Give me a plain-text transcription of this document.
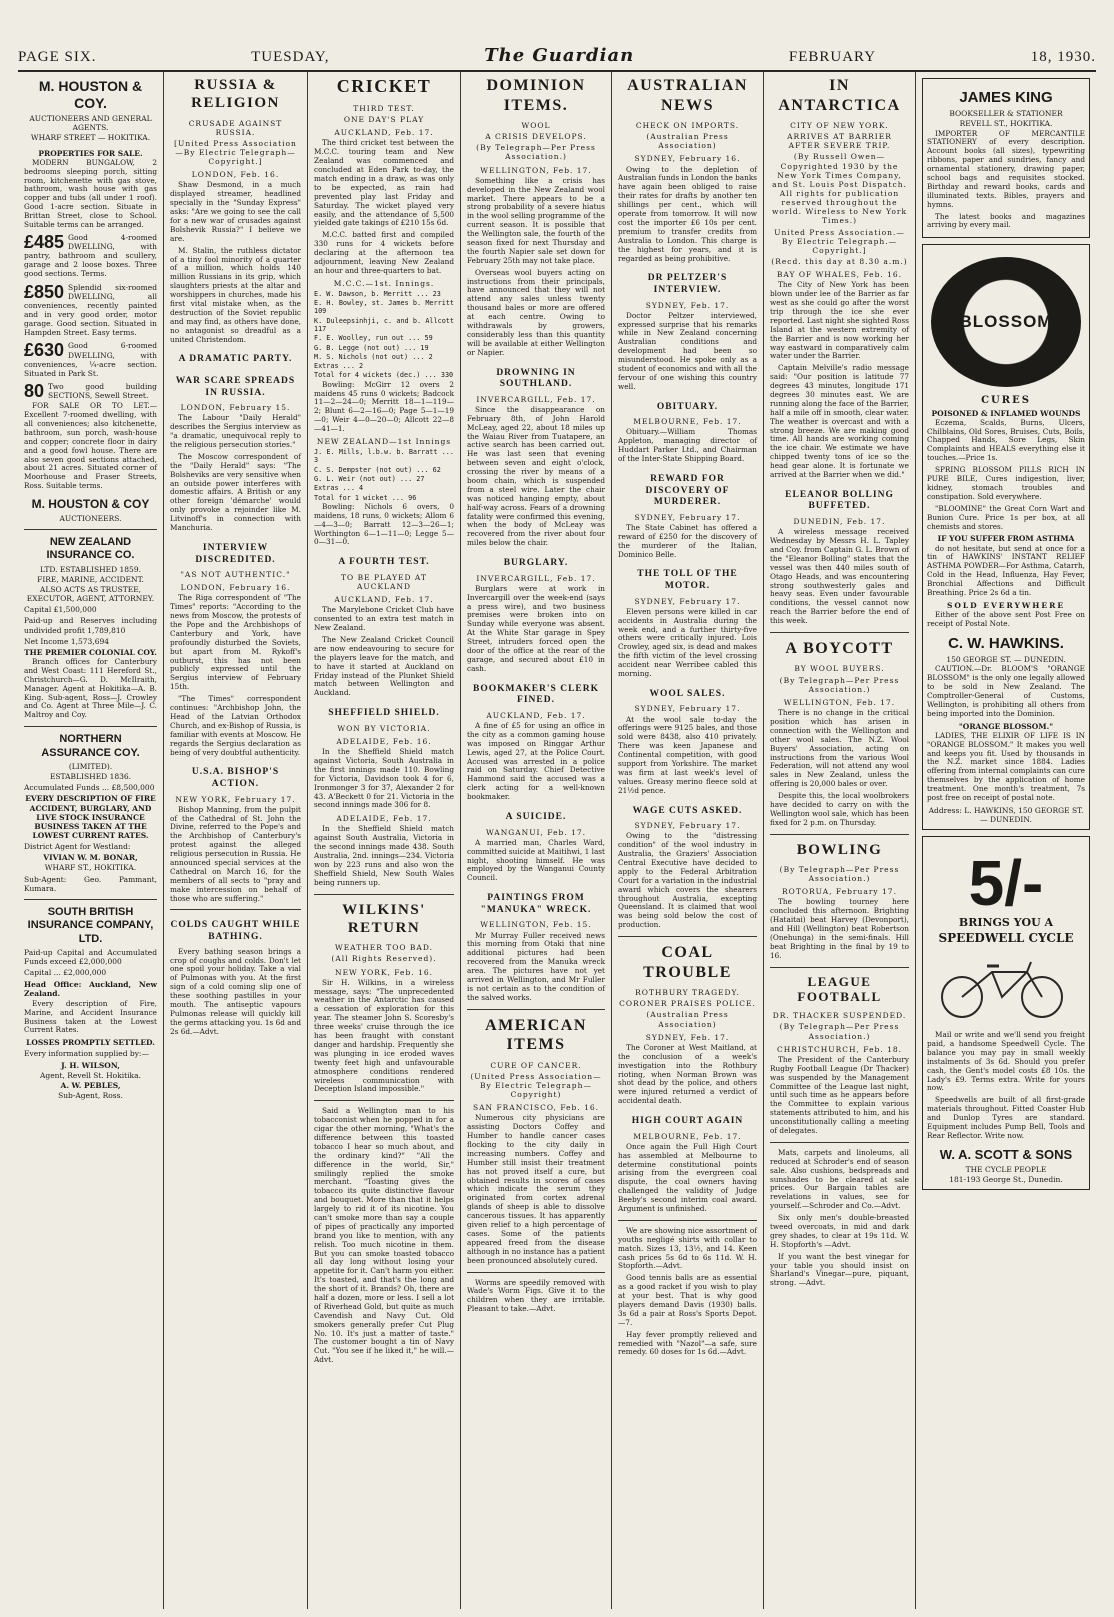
PAGE SIX.	TUESDAY,	The Guardian	FEBRUARY	18, 1930.
M. HOUSTON & COY.
AUCTIONEERS AND GENERAL AGENTS.
WHARF STREET — HOKITIKA.
PROPERTIES FOR SALE.

MODERN BUNGALOW, 2 bedrooms sleeping porch, sitting room, kitchenette with gas stove, bathroom, wash house with gas copper and tubs (all under 1 roof). Good 1-acre section. Situate in Brittan Street, close to School. Suitable terms can be arranged.

£485 Good 4-roomed DWELLING, with pantry, bathroom and scullery, garage and 2 loose boxes. Three good sections. Terms.
£850 Splendid six-roomed DWELLING, all conveniences, recently painted and in very good order, motor garage. Good section. Situated in Hampden Street. Easy terms.
£630 Good 6-roomed DWELLING, with conveniences, ¼-acre section. Situated in Park St.
80 Two good building SECTIONS, Sewell Street.

FOR SALE OR TO LET.—Excellent 7-roomed dwelling, with all conveniences; also kitchenette, bathroom, sun porch, wash-house and copper; concrete floor in dairy and a good fowl house. There are also seven good sections attached, about 21 acres. Situated corner of Moorhouse and Fraser Streets, Ross. Suitable terms.

M. HOUSTON & COY
AUCTIONEERS.
NEW ZEALAND INSURANCE CO.
LTD. ESTABLISHED 1859.
FIRE, MARINE, ACCIDENT.
ALSO ACTS AS TRUSTEE, EXECUTOR, AGENT, ATTORNEY.
Capital £1,500,000
Paid-up and Reserves including undivided profit 1,789,810
Net Income 1,573,694
THE PREMIER COLONIAL COY.

Branch offices for Canterbury and West Coast: 111 Hereford St., Christchurch—G. D. McIlraith, Manager. Agent at Hokitika—A. B. King. Sub-agent, Ross—J. Crowley and Co. Agent at Three Mile—J. C. Maltroy and Coy.

NORTHERN ASSURANCE COY.
(LIMITED).
ESTABLISHED 1836.
Accumulated Funds ... £8,500,000
EVERY DESCRIPTION OF FIRE ACCIDENT, BURGLARY, AND LIVE STOCK INSURANCE BUSINESS TAKEN AT THE LOWEST CURRENT RATES.
District Agent for Westland:
VIVIAN W. M. BONAR,
WHARF ST., HOKITIKA.
Sub-Agent: Geo. Pammant, Kumara.
SOUTH BRITISH INSURANCE COMPANY, LTD.
Paid-up Capital and Accumulated Funds exceed £2,000,000
Capital ... £2,000,000
Head Office: Auckland, New Zealand.

Every description of Fire, Marine, and Accident Insurance Business taken at the Lowest Current Rates.

LOSSES PROMPTLY SETTLED.
Every information supplied by:—
J. H. WILSON,
Agent, Revell St. Hokitika.
A. W. PEBLES,
Sub-Agent, Ross.
RUSSIA & RELIGION
CRUSADE AGAINST RUSSIA.
[United Press Association—By Electric Telegraph—Copyright.]
LONDON, Feb. 16.

Shaw Desmond, in a much displayed streamer, headlined specially in the "Sunday Express" asks: "Are we going to see the call for a new war of crusades against Bolshevik Russia?" I believe we are.

M. Stalin, the ruthless dictator of a tiny fool minority of a quarter of a million, which holds 140 million Russians in its grip, which slaughters priests at the altar and worshippers in churches, made his first vital mistake when, as the destruction of the Soviet republic and may find, as others have done, no antagonist so dreadful as a united Christendom.

A DRAMATIC PARTY.
WAR SCARE SPREADS IN RUSSIA.
LONDON, February 15.

The Labour "Daily Herald" describes the Sergius interview as "a dramatic, unequivocal reply to the religious persecution stories."

The Moscow correspondent of the "Daily Herald" says: "The Bolsheviks are very sensitive when an outside power interferes with domestic affairs. A British or any other foreign 'démarche' would only provoke a rejoinder like M. Litvinoff's in connection with Manchuria.

INTERVIEW DISCREDITED.
"AS NOT AUTHENTIC."
LONDON, February 16.

The Riga correspondent of "The Times" reports: "According to the news from Moscow, the protests of the Pope and the Archbishops of Canterbury and York, have profoundly disturbed the Soviets, but apart from M. Rykoff's outburst, this has not been publicly expressed until the Sergius interview of February 15th.

"The Times" correspondent continues: "Archbishop John, the Head of the Latvian Orthodox Church, and ex-Bishop of Russia, is familiar with events at Moscow. He regards the Sergius declaration as being of very doubtful authenticity.

U.S.A. BISHOP'S ACTION.
NEW YORK, February 17.

Bishop Manning, from the pulpit of the Cathedral of St. John the Divine, referred to the Pope's and the Archbishop of Canterbury's protest against the alleged religious persecution in Russia. He announced special services at the Cathedral on March 16, for the members of all sects to "pray and make intercession on behalf of those who are suffering."

COLDS CAUGHT WHILE BATHING.

Every bathing season brings a crop of coughs and colds. Don't let one spoil your holiday. Take a vial of Pulmonas with you. At the first sign of a cold coming slip one of these soothing pastilles in your mouth. The antiseptic vapours Pulmonas release will quickly kill the germs attacking you. 1s 6d and 2s 6d.—Advt.

CRICKET
THIRD TEST.
ONE DAY'S PLAY
AUCKLAND, Feb. 17.

The third cricket test between the M.C.C. touring team and New Zealand was commenced and concluded at Eden Park to-day, the match ending in a draw, as was only to be expected, as rain had prevented play last Friday and Saturday. The wicket played very easily, and the attendance of 5,500 yielded gate takings of £210 15s 6d.

M.C.C. batted first and compiled 330 runs for 4 wickets before declaring at the afternoon tea adjournment, leaving New Zealand an hour and three-quarters to bat.

M.C.C.—1st. Innings.
E. W. Dawson, b. Merritt ... 23
E. H. Bowley, st. James b. Merritt 109
K. Duleepsinhji, c. and b. Allcott 117
F. E. Woolley, run out ... 59
G. B. Legge (not out) ... 19
M. S. Nichols (not out) ... 2
Extras ... 2
Total for 4 wickets (dec.) ... 330

Bowling: McGirr 12 overs 2 maidens 45 runs 0 wickets; Badcock 11—2—24—0; Merritt 18—1—119—2; Blunt 6—2—16—0; Page 5—1—19—0; Weir 4—0—20—0; Allcott 22—8—41—1.

NEW ZEALAND—1st Innings
J. E. Mills, l.b.w. b. Barratt ... 3
C. S. Dempster (not out) ... 62
G. L. Weir (not out) ... 27
Extras ... 4
Total for 1 wicket ... 96

Bowling: Nichols 6 overs, 0 maidens, 18 runs, 0 wickets; Allom 6—4—3—0; Barratt 12—3—26—1; Worthington 6—1—11—0; Legge 5—0—31—0.

A FOURTH TEST.
TO BE PLAYED AT AUCKLAND
AUCKLAND, Feb. 17.

The Marylebone Cricket Club have consented to an extra test match in New Zealand.

The New Zealand Cricket Council are now endeavouring to secure for the players leave for the match, and to have it started at Auckland on Friday instead of the Plunket Shield match between Wellington and Auckland.

SHEFFIELD SHIELD.
WON BY VICTORIA.
ADELAIDE, Feb. 16.

In the Sheffield Shield match against Victoria, South Australia in the first innings made 110. Bowling for Victoria, Davidson took 4 for 6, Ironmonger 3 for 37, Alexander 2 for 43. A'Beckett 0 for 21. Victoria in the second innings made 306 for 8.

ADELAIDE, Feb. 17.

In the Sheffield Shield match against South Australia, Victoria in the second innings made 438. South Australia, 2nd. innings—234. Victoria won by 223 runs and also won the Sheffield Shield, New South Wales being runners up.

WILKINS' RETURN
WEATHER TOO BAD.
(All Rights Reserved).
NEW YORK, Feb. 16.

Sir H. Wilkins, in a wireless message, says: "The unprecedented weather in the Antarctic has caused a cessation of exploration for this year. The steamer John S. Scoresby's three weeks' cruise through the ice has been fraught with constant danger and hardship. Frequently she was plunging in ice eroded waves twenty feet high and unfavourable atmosphere conditions rendered wireless communication with Deception Island impossible."

Said a Wellington man to his tobacconist when he popped in for a cigar the other morning, "What's the difference between this toasted tobacco I hear so much about, and the ordinary kind?" "All the difference in the world, Sir," smilingly replied the smoke merchant. "Toasting gives the tobacco its quite distinctive flavour and bouquet. More than that it helps largely to rid it of its nicotine. You can't smoke more than say a couple of pipes of practically any imported brand you like to mention, with any relish. Too much nicotine in them. But you can smoke toasted tobacco all day long without losing your appetite for it. Can't harm you either. It's toasted, and that's the long and the short of it. Brands? Oh, there are half a dozen, more or less. I sell a lot of Riverhead Gold, but quite as much Cavendish and Navy Cut. Old smokers generally prefer Cut Plug No. 10. It's just a matter of taste." The customer bought a tin of Navy Cut. "You see if he liked it," he will.—Advt.

DOMINION ITEMS.
WOOL
A CRISIS DEVELOPS.
(By Telegraph—Per Press Association.)
WELLINGTON, Feb. 17.

Something like a crisis has developed in the New Zealand wool market. There appears to be a strong probability of a severe hiatus in the wool selling programme of the current season. It is possible that the Wellington sale, the fourth of the season fixed for next Thursday and the fourth Napier sale set down for February 25th may not take place.

Overseas wool buyers acting on instructions from their principals, have announced that they will not attend any sales unless twenty thousand bales or more are offered at each centre. Owing to withdrawals by growers, considerably less than this quantity will be available at either Wellington or Napier.

DROWNING IN SOUTHLAND.
INVERCARGILL, Feb. 17.

Since the disappearance on February 8th, of John Harold McLeay, aged 22, about 18 miles up the Waiau River from Tuatapere, an active search has been carried out. He was last seen that evening between seven and eight o'clock, crossing the river by means of a boom chain, which is suspended from a steel wire. Later the chair was noticed hanging empty, about half-way across. Fears of a drowning fatality were confirmed this evening, when the body of McLeay was recovered from the river about four miles below the chair.

BURGLARY.
INVERCARGILL, Feb. 17.

Burglars were at work in Invercargill over the week-end (says a press wire), and two business premises were broken into on Sunday while everyone was absent. At the White Star garage in Spey Street, intruders forced open the door of the office at the rear of the garage, and secured about £10 in cash.

BOOKMAKER'S CLERK FINED.
AUCKLAND, Feb. 17.

A fine of £5 for using an office in the city as a common gaming house was imposed on Ringgar Arthur Lewis, aged 27, at the Police Court. Accused was arrested in a police raid on Saturday. Chief Detective Hammond said the accused was a clerk acting for a well-known bookmaker.

A SUICIDE.
WANGANUI, Feb. 17.

A married man, Charles Ward, committed suicide at Maitihwi, 1 last night, shooting himself. He was employed by the Wanganui County Council.

PAINTINGS FROM "MANUKA" WRECK.
WELLINGTON, Feb. 15.

Mr Murray Fuller received news this morning from Otaki that nine additional pictures had been recovered from the Manuka wreck area. The pictures have not yet arrived in Wellington, and Mr Fuller is not certain as to the condition of the salved works.

AMERICAN ITEMS
CURE OF CANCER.
(United Press Association—By Electric Telegraph—Copyright)
SAN FRANCISCO, Feb. 16.

Numerous city physicians are assisting Doctors Coffey and Humber to handle cancer cases flocking to the city daily in increasing numbers. Coffey and Humber still insist their treatment has not proved itself a cure, but obtained results in scores of cases which indicate the serum they originated from cortex adrenal glands of sheep is able to dissolve cancerous tissues. It has apparently given relief to a high percentage of cases. Some of the patients appeared freed from the disease although in no instance has a patient been pronounced absolutely cured.

Worms are speedily removed with Wade's Worm Figs. Give it to the children when they are irritable. Pleasant to take.—Advt.

AUSTRALIAN NEWS
CHECK ON IMPORTS.
(Australian Press Association)
SYDNEY, February 16.

Owing to the depletion of Australian funds in London the banks have again been obliged to raise their rates for drafts by another ten shillings per cent., which will operate from tomorrow. It will now cost the importer £6 10s per cent. premium to transfer credits from Australia to London. This charge is the highest for years, and it is regarded as being prohibitive.

DR PELTZER'S INTERVIEW.
SYDNEY, Feb. 17.

Doctor Peltzer interviewed, expressed surprise that his remarks while in New Zealand concerning Australian conditions and development had been so misunderstood. He spoke only as a student of economics and with all the fervour of one wishing this country well.

OBITUARY.
MELBOURNE, Feb. 17.

Obituary.—William Thomas Appleton, managing director of Huddart Parker Ltd., and Chairman of the Inter-State Shipping Board.

REWARD FOR DISCOVERY OF MURDERER.
SYDNEY, February 17.

The State Cabinet has offered a reward of £250 for the discovery of the murderer of the Italian, Dominico Belle.

THE TOLL OF THE MOTOR.
SYDNEY, February 17.

Eleven persons were killed in car accidents in Australia during the week end, and a further thirty-five others were critically injured. Lois Crowley, aged six, is dead and makes the fifth victim of the level crossing accident near Werribee cabled this morning.

WOOL SALES.
SYDNEY, February 17.

At the wool sale to-day the offerings were 9125 bales, and those sold were 8438, also 410 privately. There was keen Japanese and Continental competition, with good support from Yorkshire. The market was firm at last week's level of values. Greasy merino fleece sold at 21½d pence.

WAGE CUTS ASKED.
SYDNEY, February 17.

Owing to the "distressing condition" of the wool industry in Australia, the Graziers' Association Central Executive have decided to apply to the Federal Arbitration Court for a variation in the industrial award which covers the shearers throughout Australia, excepting Queensland. It is claimed that wool was being sold below the cost of production.

COAL TROUBLE
ROTHBURY TRAGEDY.
CORONER PRAISES POLICE.
(Australian Press Association)
SYDNEY, Feb. 17.

The Coroner at West Maitland, at the conclusion of a week's investigation into the Rothbury rioting, when Norman Brown was shot dead by the police, and others were injured returned a verdict of accidental death.

HIGH COURT AGAIN
MELBOURNE, Feb. 17.

Once again the Full High Court has assembled at Melbourne to determine constitutional points arising from the evergreen coal dispute, the coal owners having challenged the validity of Judge Beeby's second interim coal award. Argument is unfinished.

We are showing nice assortment of youths negligé shirts with collar to match. Sizes 13, 13½, and 14. Keen cash prices 5s 6d to 6s 11d. W. H. Stopforth.—Advt.

Good tennis balls are as essential as a good racket if you wish to play at your best. That is why good players demand Davis (1930) balls. 3s 6d a pair at Ross's Sports Depot.—7.

Hay fever promptly relieved and remedied with "Nazol"—a safe, sure remedy. 60 doses for 1s 6d.—Advt.

IN ANTARCTICA
CITY OF NEW YORK.
ARRIVES AT BARRIER AFTER SEVERE TRIP.
(By Russell Owen—Copyrighted 1930 by the New York Times Company, and St. Louis Post Dispatch. All rights for publication reserved throughout the world. Wireless to New York Times.)
United Press Association.—By Electric Telegraph.—Copyright.]
(Recd. this day at 8.30 a.m.)
BAY OF WHALES, Feb. 16.

The City of New York has been blown under lee of the Barrier as far west as she could go after the worst trip through the ice she ever reported. Last night she sighted Ross Island at the western extremity of the Barrier and is now working her way eastward in comparatively calm water under the Barrier.

Captain Melville's radio message said: "Our position is latitude 77 degrees 43 minutes, longitude 171 degrees 30 minutes east. We are running along the face of the Barrier, half a mile off in smooth, clear water. The weather is overcast and with a strong breeze. We are making good time. All hands are working coming the ice chair. We estimate we have chipped twenty tons of ice so the head gear alone. It is fortunate we arrived at the Barrier when we did."

ELEANOR BOLLING BUFFETED.
DUNEDIN, Feb. 17.

A wireless message received Wednesday by Messrs H. L. Tapley and Coy. from Captain G. L. Brown of the "Eleanor Bolling" states that the vessel was then 440 miles south of Otago Heads, and was encountering strong southwesterly gales and heavy seas. Even under favourable conditions, the vessel cannot now reach the Barrier before the end of this week.

A BOYCOTT
BY WOOL BUYERS.
(By Telegraph—Per Press Association.)
WELLINGTON, Feb. 17.

There is no change in the critical position which has arisen in connection with the Wellington and other wool sales. The N.Z. Wool Buyers' Association, acting on instructions from the various Wool Federation, will not attend any wool sales in New Zealand, unless the offering is 20,000 bales or over.

Despite this, the local woolbrokers have decided to carry on with the Wellington wool sale, which has been fixed for 2 p.m. on Thursday.

BOWLING
(By Telegraph—Per Press Association.)
ROTORUA, February 17.

The bowling tourney here concluded this afternoon. Brighting (Hataitai) beat Harvey (Devonport), and Hill (Wellington) beat Robertson (Onehunga) in the semi-finals. Hill beat Brighting in the final by 19 to 16.

LEAGUE FOOTBALL
DR. THACKER SUSPENDED.
(By Telegraph—Per Press Association.)
CHRISTCHURCH, Feb. 18.

The President of the Canterbury Rugby Football League (Dr Thacker) was suspended by the Management Committee of the League last night, until such time as he appears before the Committee to explain various statements attributed to him, and his unconstitutionally calling a meeting of delegates.

Mats, carpets and linoleums, all reduced at Schroder's end of season sale. Also cushions, bedspreads and sunshades to be cleared at sale prices. Our Bargain tables are revelations in values, see for yourself.—Schroder and Co.—Advt.

Six only men's double-breasted tweed overcoats, in mid and dark grey shades, to clear at 19s 11d. W. H. Stopforth's —Advt.

If you want the best vinegar for your table you should insist on Sharland's Vinegar—pure, piquant, strong. —Advt.

JAMES KING
BOOKSELLER & STATIONER
REVELL ST., HOKITIKA.

IMPORTER OF MERCANTILE STATIONERY of every description. Account books (all sizes), typewriting ribbons, paper and sundries, fancy and ornamental stationery, drawing paper, school bags and requisites stocked. Birthday and reward books, cards and illuminated texts. Bibles, prayers and hymns.

The latest books and magazines arriving by every mail.

SPRING
BLOSSOM
OINTMENT
CURES
POISONED & INFLAMED WOUNDS

Eczema, Scalds, Burns, Ulcers, Chilblains, Old Sores, Bruises, Cuts, Boils, Chapped Hands, Sore Legs, Skin Complaints and HEALS everything else it touches.—Price 1s.

SPRING BLOSSOM PILLS RICH IN PURE BILE, Cures indigestion, liver, kidney, stomach troubles and constipation. Sold everywhere.

"BLOOMINE" the Great Corn Wart and Bunion Cure. Price 1s per box, at all chemists and stores.

IF YOU SUFFER FROM ASTHMA

do not hesitate, but send at once for a tin of HAWKINS' INSTANT RELIEF ASTHMA POWDER—For Asthma, Catarrh, Cold in the Head, Influenza, Hay Fever, Bronchial Affections and Difficult Breathing. Price 2s 6d a tin.

SOLD EVERYWHERE

Either of the above sent Post Free on receipt of Postal Note.

C. W. HAWKINS.
150 GEORGE ST. — DUNEDIN.

CAUTION.—Dr. BLOOM'S "ORANGE BLOSSOM" is the only one legally allowed to be sold in New Zealand. The Comptroller-General of Customs, Wellington, is prohibiting all others from being imported into the Dominion.

"ORANGE BLOSSOM."

LADIES, THE ELIXIR OF LIFE IS IN "ORANGE BLOSSOM." It makes you well and keeps you fit. Used by thousands in the N.Z. market since 1884. Ladies offering from internal complaints can cure themselves by the application of home treatment. One month's treatment, 7s post free on receipt of postal note.

Address: L. HAWKINS, 150 GEORGE ST. — DUNEDIN.
5/-
BRINGS YOU A
SPEEDWELL CYCLE

Mail or write and we'll send you freight paid, a handsome Speedwell Cycle. The balance you may pay in small weekly instalments of 3s 6d. Should you prefer cash, the Gent's model costs £8 10s. the Lady's £9. Terms extra. Write for yours now.

Speedwells are built of all first-grade materials throughout. Fitted Coaster Hub and Dunlop Tyres are standard. Equipment includes Pump Bell, Tools and Rear Reflector. Write now.

W. A. SCOTT & SONS
THE CYCLE PEOPLE
181-193 George St., Dunedin.
